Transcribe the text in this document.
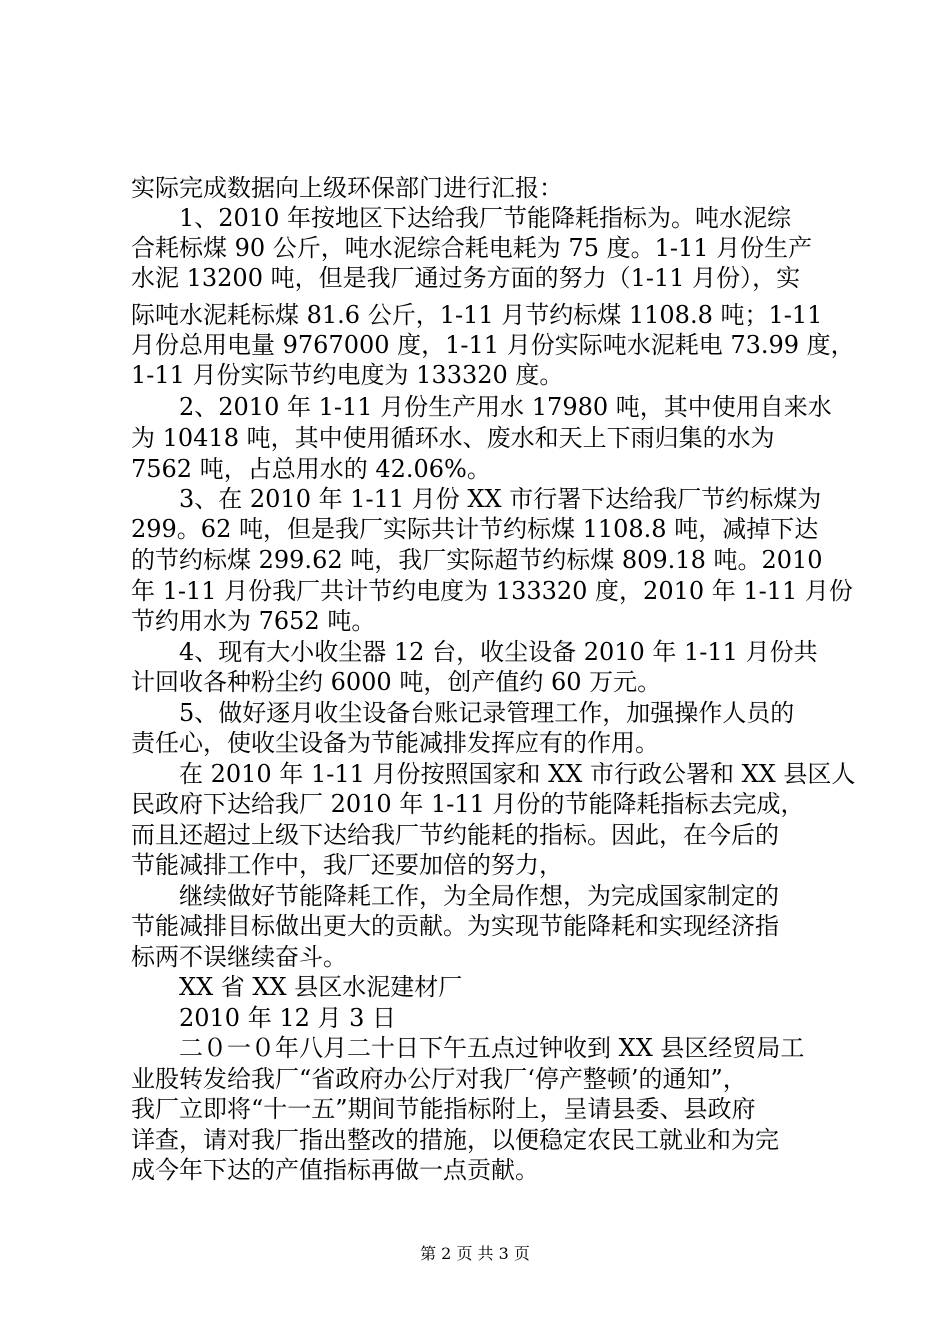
实际完成数据向上级环保部门进行汇报：
　　1、2010 年按地区下达给我厂节能降耗指标为。吨水泥综
合耗标煤 90 公斤，吨水泥综合耗电耗为 75 度。1-11 月份生产
水泥 13200 吨，但是我厂通过务方面的努力（1-11 月份），实
际吨水泥耗标煤 81.6 公斤，1-11 月节约标煤 1108.8 吨；1-11
月份总用电量 9767000 度，1-11 月份实际吨水泥耗电 73.99 度，
1-11 月份实际节约电度为 133320 度。
　　2、2010 年 1-11 月份生产用水 17980 吨，其中使用自来水
为 10418 吨，其中使用循环水、废水和天上下雨归集的水为
7562 吨，占总用水的 42.06%。
　　3、在 2010 年 1-11 月份 XX 市行署下达给我厂节约标煤为
299。62 吨，但是我厂实际共计节约标煤 1108.8 吨，减掉下达
的节约标煤 299.62 吨，我厂实际超节约标煤 809.18 吨。2010
年 1-11 月份我厂共计节约电度为 133320 度，2010 年 1-11 月份
节约用水为 7652 吨。
　　4、现有大小收尘器 12 台，收尘设备 2010 年 1-11 月份共
计回收各种粉尘约 6000 吨，创产值约 60 万元。
　　5、做好逐月收尘设备台账记录管理工作，加强操作人员的
责任心，使收尘设备为节能减排发挥应有的作用。
　　在 2010 年 1-11 月份按照国家和 XX 市行政公署和 XX 县区人
民政府下达给我厂 2010 年 1-11 月份的节能降耗指标去完成，
而且还超过上级下达给我厂节约能耗的指标。因此，在今后的
节能减排工作中，我厂还要加倍的努力，
　　继续做好节能降耗工作，为全局作想，为完成国家制定的
节能减排目标做出更大的贡献。为实现节能降耗和实现经济指
标两不误继续奋斗。
　　XX 省 XX 县区水泥建材厂
　　2010 年 12 月 3 日
　　二０一０年八月二十日下午五点过钟收到 XX 县区经贸局工
业股转发给我厂“省政府办公厅对我厂‘停产整顿’的通知”，
我厂立即将“十一五”期间节能指标附上，呈请县委、县政府
详查，请对我厂指出整改的措施，以便稳定农民工就业和为完
成今年下达的产值指标再做一点贡献。
第 2 页 共 3 页
